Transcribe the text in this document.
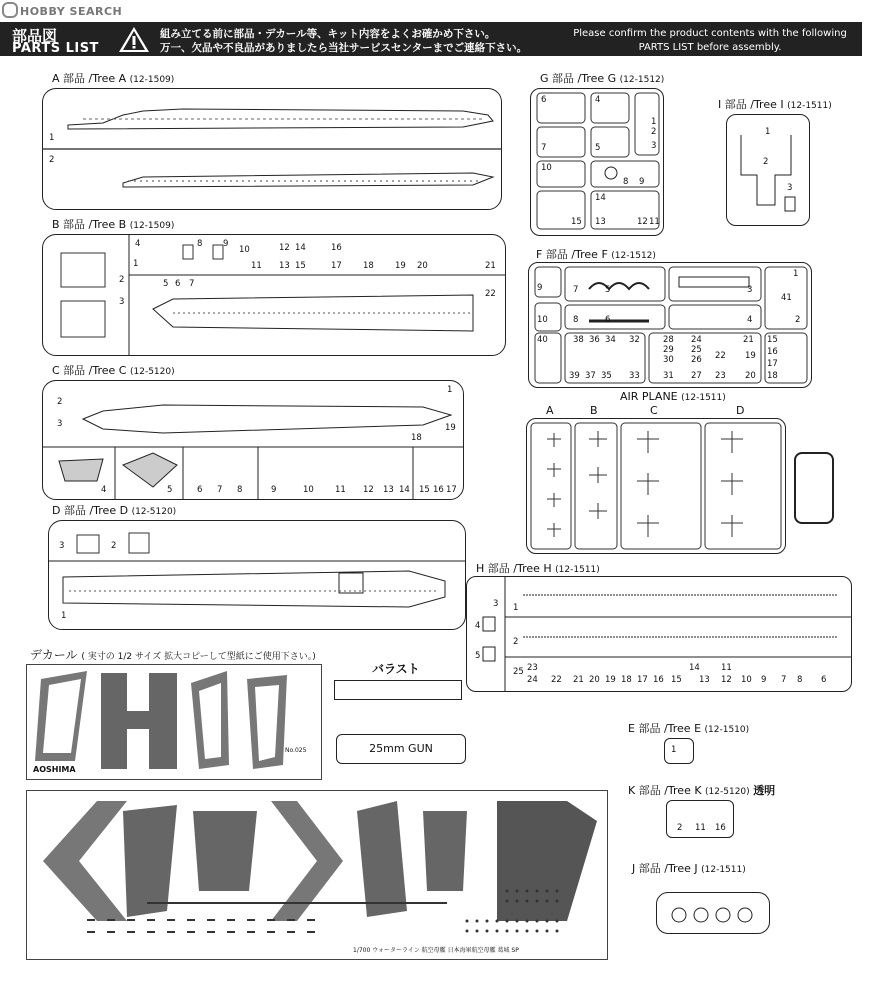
HOBBY SEARCH
部品図
PARTS LIST
組み立てる前に部品・デカール等、キット内容をよくお確かめ下さい。
万一、欠品や不良品がありましたら当社サービスセンターまでご連絡下さい。
Please confirm the product contents with the following
PARTS LIST before assembly.
A 部品 /Tree A (12-1509)
1
2
B 部品 /Tree B (12-1509)
2
3
4
5 6 7
8 9
10
11
12
13
14
15
16
17 18 19 20	21
22
1
C 部品 /Tree C (12-5120)
1
2
3
4	5	6 7 8	9	10 11 12 13 14 15 16 17
18
19
D 部品 /Tree D (12-5120)
3	2
1
G 部品 /Tree G (12-1512)
6	4
1
2
3
7	5
10
8 9
14
13	12 11
15
I 部品 /Tree I (12-1511)
1
2
3
F 部品 /Tree F (12-1512)
9	7	5	3
1
41
2
10	8	6	4
40	38 36 34 32
39 37 35 33
28
29
30
31
24
25
26
27
21
22
23
19
20
15
16
17
18
AIR PLANE (12-1511)
A	B	C	D
H 部品 /Tree H (12-1511)
3
4
5
1
2
25 23
24 22 21 20 19 18 17 16 15
14
13 12
11
10 9	8
7	6
E 部品 /Tree E (12-1510)
1
K 部品 /Tree K (12-5120) 透明
2 11 16
J 部品 /Tree J (12-1511)
デカール ( 実寸の 1/2 サイズ 拡大コピーして型紙にご使用下さい。)
AOSHIMA
No.025
1/700 ウォーターライン 航空母艦 日本海軍航空母艦 葛城 SP
バラスト
25mm GUN
